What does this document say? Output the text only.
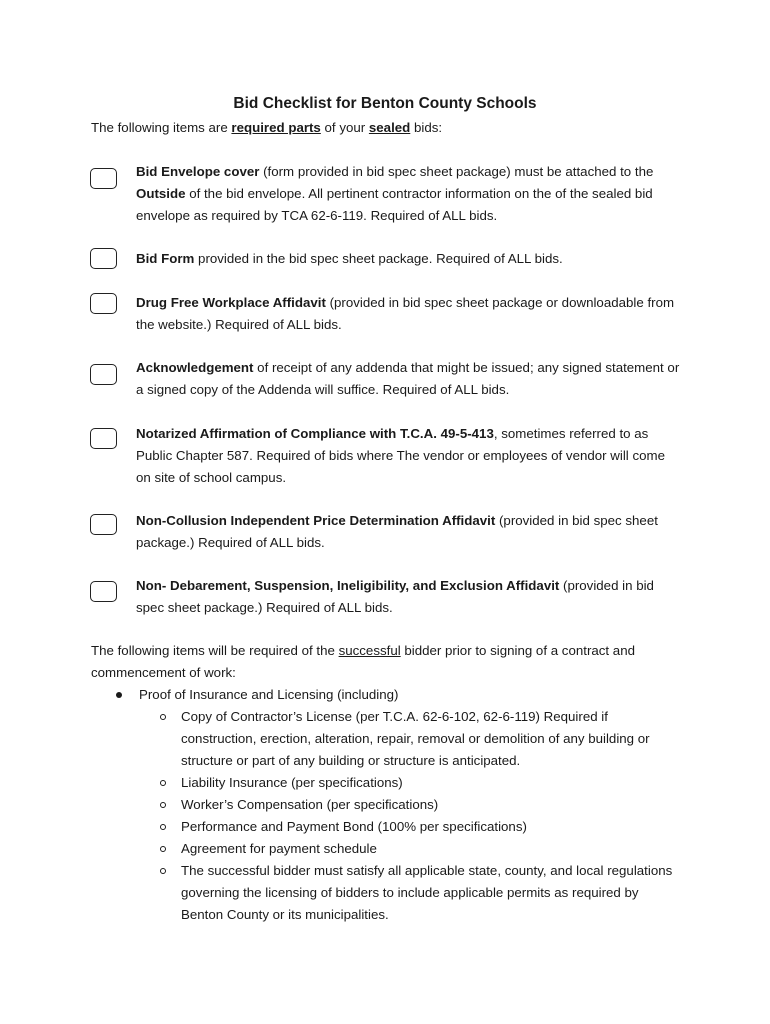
Bid Checklist for Benton County Schools
The following items are required parts of your sealed bids:
Bid Envelope cover (form provided in bid spec sheet package) must be attached to the Outside of the bid envelope. All pertinent contractor information on the of the sealed bid envelope as required by TCA 62-6-119. Required of ALL bids.
Bid Form provided in the bid spec sheet package. Required of ALL bids.
Drug Free Workplace Affidavit (provided in bid spec sheet package or downloadable from the website.) Required of ALL bids.
Acknowledgement of receipt of any addenda that might be issued; any signed statement or a signed copy of the Addenda will suffice. Required of ALL bids.
Notarized Affirmation of Compliance with T.C.A. 49-5-413, sometimes referred to as Public Chapter 587. Required of bids where The vendor or employees of vendor will come on site of school campus.
Non-Collusion Independent Price Determination Affidavit (provided in bid spec sheet package.) Required of ALL bids.
Non- Debarement, Suspension, Ineligibility, and Exclusion Affidavit (provided in bid spec sheet package.) Required of ALL bids.
The following items will be required of the successful bidder prior to signing of a contract and commencement of work:
Proof of Insurance and Licensing (including)
Copy of Contractor’s License (per T.C.A. 62-6-102, 62-6-119) Required if construction, erection, alteration, repair, removal or demolition of any building or structure or part of any building or structure is anticipated.
Liability Insurance (per specifications)
Worker’s Compensation (per specifications)
Performance and Payment Bond (100% per specifications)
Agreement for payment schedule
The successful bidder must satisfy all applicable state, county, and local regulations governing the licensing of bidders to include applicable permits as required by Benton County or its municipalities.
